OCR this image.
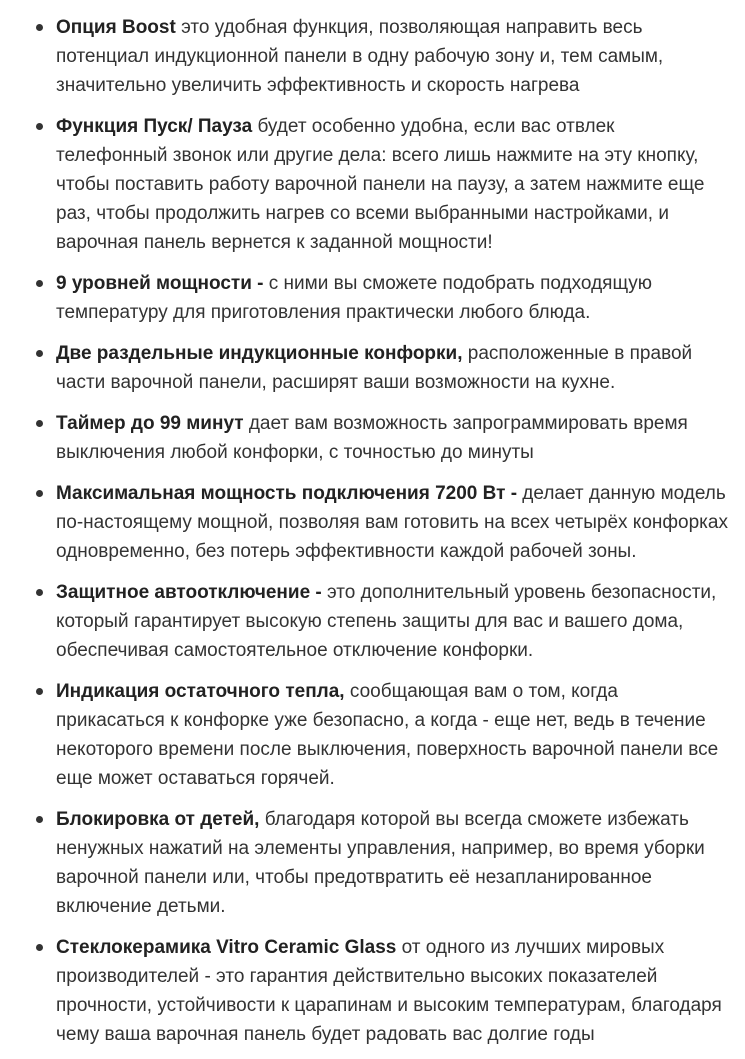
Опция Boost это удобная функция, позволяющая направить весь потенциал индукционной панели в одну рабочую зону и, тем самым, значительно увеличить эффективность и скорость нагрева
Функция Пуск/ Пауза будет особенно удобна, если вас отвлек телефонный звонок или другие дела: всего лишь нажмите на эту кнопку, чтобы поставить работу варочной панели на паузу, а затем нажмите еще раз, чтобы продолжить нагрев со всеми выбранными настройками, и варочная панель вернется к заданной мощности!
9 уровней мощности - с ними вы сможете подобрать подходящую температуру для приготовления практически любого блюда.
Две раздельные индукционные конфорки, расположенные в правой части варочной панели, расширят ваши возможности на кухне.
Таймер до 99 минут дает вам возможность запрограммировать время выключения любой конфорки, с точностью до минуты
Максимальная мощность подключения 7200 Вт - делает данную модель по-настоящему мощной, позволяя вам готовить на всех четырёх конфорках одновременно, без потерь эффективности каждой рабочей зоны.
Защитное автоотключение - это дополнительный уровень безопасности, который гарантирует высокую степень защиты для вас и вашего дома, обеспечивая самостоятельное отключение конфорки.
Индикация остаточного тепла, сообщающая вам о том, когда прикасаться к конфорке уже безопасно, а когда - еще нет, ведь в течение некоторого времени после выключения, поверхность варочной панели все еще может оставаться горячей.
Блокировка от детей, благодаря которой вы всегда сможете избежать ненужных нажатий на элементы управления, например, во время уборки варочной панели или, чтобы предотвратить её незапланированное включение детьми.
Стеклокерамика Vitro Ceramic Glass от одного из лучших мировых производителей - это гарантия действительно высоких показателей прочности, устойчивости к царапинам и высоким температурам, благодаря чему ваша варочная панель будет радовать вас долгие годы
